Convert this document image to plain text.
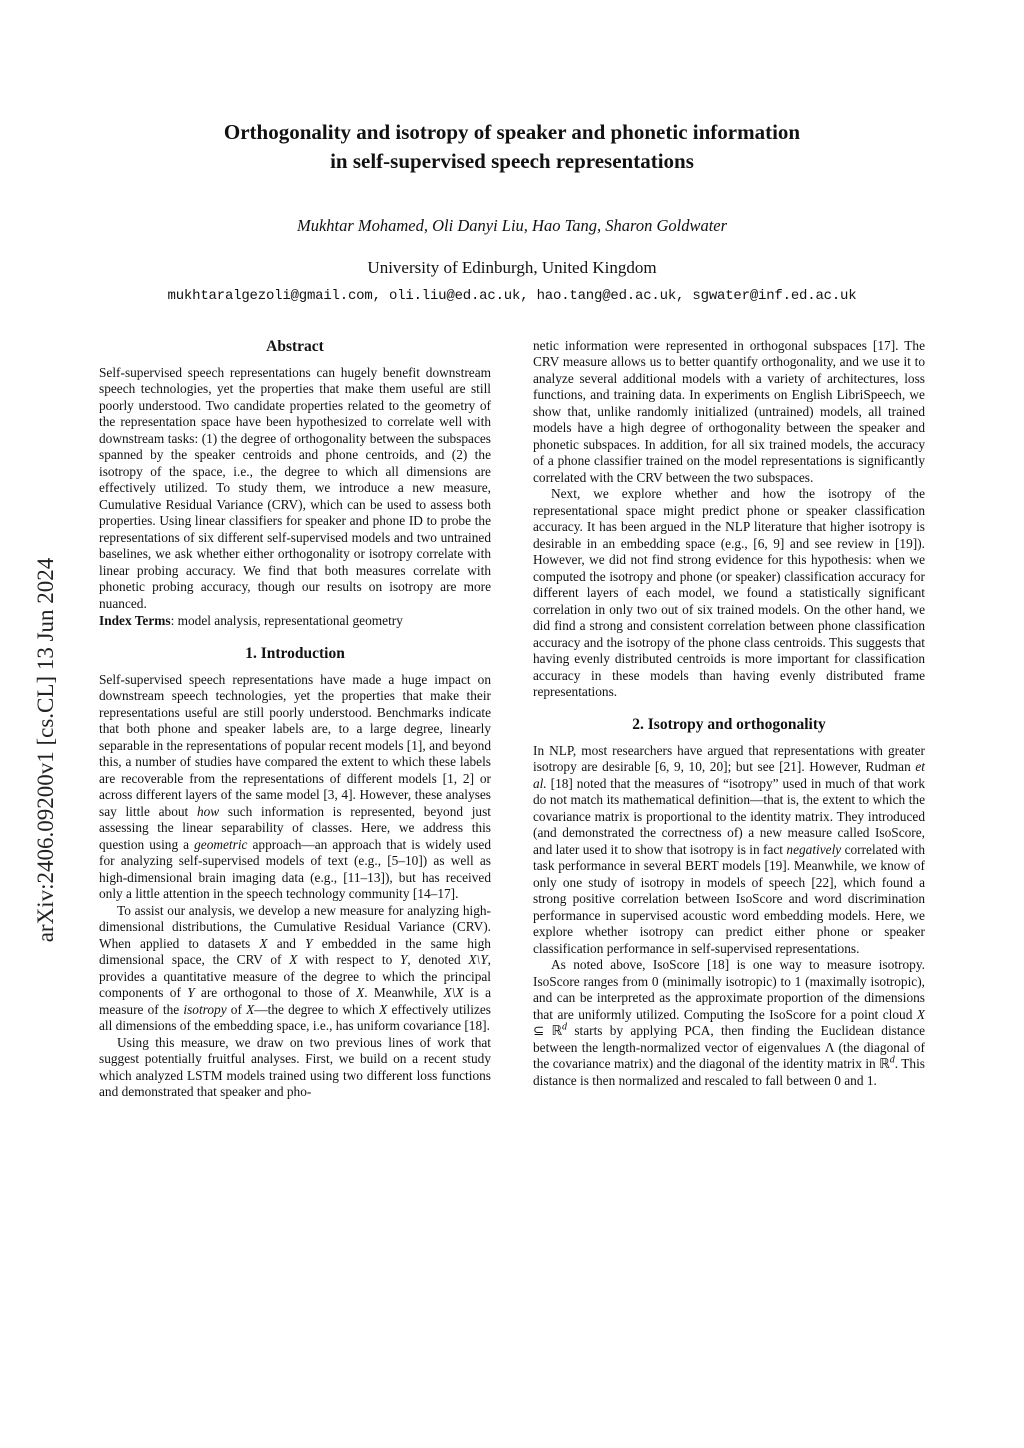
arXiv:2406.09200v1 [cs.CL] 13 Jun 2024
Orthogonality and isotropy of speaker and phonetic information
in self-supervised speech representations
Mukhtar Mohamed, Oli Danyi Liu, Hao Tang, Sharon Goldwater
University of Edinburgh, United Kingdom
mukhtaralgezoli@gmail.com, oli.liu@ed.ac.uk, hao.tang@ed.ac.uk, sgwater@inf.ed.ac.uk
Abstract

Self-supervised speech representations can hugely benefit downstream speech technologies, yet the properties that make them useful are still poorly understood. Two candidate properties related to the geometry of the representation space have been hypothesized to correlate well with downstream tasks: (1) the degree of orthogonality between the subspaces spanned by the speaker centroids and phone centroids, and (2) the isotropy of the space, i.e., the degree to which all dimensions are effectively utilized. To study them, we introduce a new measure, Cumulative Residual Variance (CRV), which can be used to assess both properties. Using linear classifiers for speaker and phone ID to probe the representations of six different self-supervised models and two untrained baselines, we ask whether either orthogonality or isotropy correlate with linear probing accuracy. We find that both measures correlate with phonetic probing accuracy, though our results on isotropy are more nuanced.

Index Terms: model analysis, representational geometry

1. Introduction

Self-supervised speech representations have made a huge impact on downstream speech technologies, yet the properties that make their representations useful are still poorly understood. Benchmarks indicate that both phone and speaker labels are, to a large degree, linearly separable in the representations of popular recent models [1], and beyond this, a number of studies have compared the extent to which these labels are recoverable from the representations of different models [1, 2] or across different layers of the same model [3, 4]. However, these analyses say little about how such information is represented, beyond just assessing the linear separability of classes. Here, we address this question using a geometric approach—an approach that is widely used for analyzing self-supervised models of text (e.g., [5–10]) as well as high-dimensional brain imaging data (e.g., [11–13]), but has received only a little attention in the speech technology community [14–17].

To assist our analysis, we develop a new measure for analyzing high-dimensional distributions, the Cumulative Residual Variance (CRV). When applied to datasets X and Y embedded in the same high dimensional space, the CRV of X with respect to Y, denoted X\Y, provides a quantitative measure of the degree to which the principal components of Y are orthogonal to those of X. Meanwhile, X\X is a measure of the isotropy of X—the degree to which X effectively utilizes all dimensions of the embedding space, i.e., has uniform covariance [18].

Using this measure, we draw on two previous lines of work that suggest potentially fruitful analyses. First, we build on a recent study which analyzed LSTM models trained using two different loss functions and demonstrated that speaker and pho-

netic information were represented in orthogonal subspaces [17]. The CRV measure allows us to better quantify orthogonality, and we use it to analyze several additional models with a variety of architectures, loss functions, and training data. In experiments on English LibriSpeech, we show that, unlike randomly initialized (untrained) models, all trained models have a high degree of orthogonality between the speaker and phonetic subspaces. In addition, for all six trained models, the accuracy of a phone classifier trained on the model representations is significantly correlated with the CRV between the two subspaces.

Next, we explore whether and how the isotropy of the representational space might predict phone or speaker classification accuracy. It has been argued in the NLP literature that higher isotropy is desirable in an embedding space (e.g., [6, 9] and see review in [19]). However, we did not find strong evidence for this hypothesis: when we computed the isotropy and phone (or speaker) classification accuracy for different layers of each model, we found a statistically significant correlation in only two out of six trained models. On the other hand, we did find a strong and consistent correlation between phone classification accuracy and the isotropy of the phone class centroids. This suggests that having evenly distributed centroids is more important for classification accuracy in these models than having evenly distributed frame representations.

2. Isotropy and orthogonality

In NLP, most researchers have argued that representations with greater isotropy are desirable [6, 9, 10, 20]; but see [21]. However, Rudman et al. [18] noted that the measures of “isotropy” used in much of that work do not match its mathematical definition—that is, the extent to which the covariance matrix is proportional to the identity matrix. They introduced (and demonstrated the correctness of) a new measure called IsoScore, and later used it to show that isotropy is in fact negatively correlated with task performance in several BERT models [19]. Meanwhile, we know of only one study of isotropy in models of speech [22], which found a strong positive correlation between IsoScore and word discrimination performance in supervised acoustic word embedding models. Here, we explore whether isotropy can predict either phone or speaker classification performance in self-supervised representations.

As noted above, IsoScore [18] is one way to measure isotropy. IsoScore ranges from 0 (minimally isotropic) to 1 (maximally isotropic), and can be interpreted as the approximate proportion of the dimensions that are uniformly utilized. Computing the IsoScore for a point cloud X ⊆ ℝ$^d$ starts by applying PCA, then finding the Euclidean distance between the length-normalized vector of eigenvalues Λ (the diagonal of the covariance matrix) and the diagonal of the identity matrix in ℝ$^d$. This distance is then normalized and rescaled to fall between 0 and 1.
